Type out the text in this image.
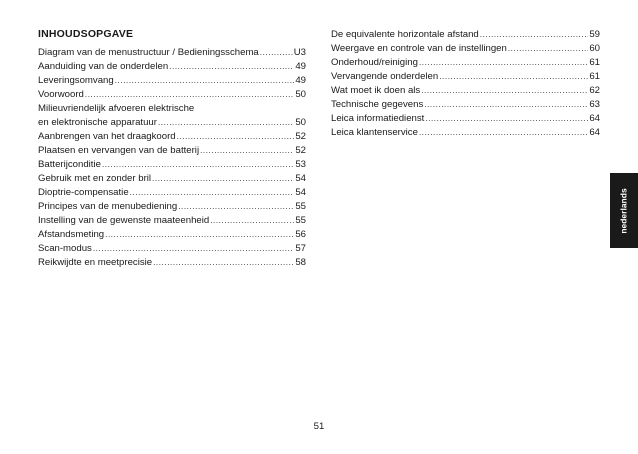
INHOUDSOPGAVE
Diagram van de menustructuur / Bedieningsschema .....	U3
Aanduiding van de onderdelen .....	49
Leveringsomvang .....	49
Voorwoord .....	50
Milieuvriendelijk afvoeren elektrische
en elektronische apparatuur .....	50
Aanbrengen van het draagkoord .....	52
Plaatsen en vervangen van de batterij .....	52
Batterijconditie .....	53
Gebruik met en zonder bril .....	54
Dioptrie-compensatie .....	54
Principes van de menubediening .....	55
Instelling van de gewenste maateenheid .....	55
Afstandsmeting .....	56
Scan-modus .....	57
Reikwijdte en meetprecisie .....	58
De equivalente horizontale afstand .....	59
Weergave en controle van de instellingen .....	60
Onderhoud/reiniging .....	61
Vervangende onderdelen .....	61
Wat moet ik doen als .....	62
Technische gegevens .....	63
Leica informatiedienst .....	64
Leica klantenservice .....	64
nederlands
51
